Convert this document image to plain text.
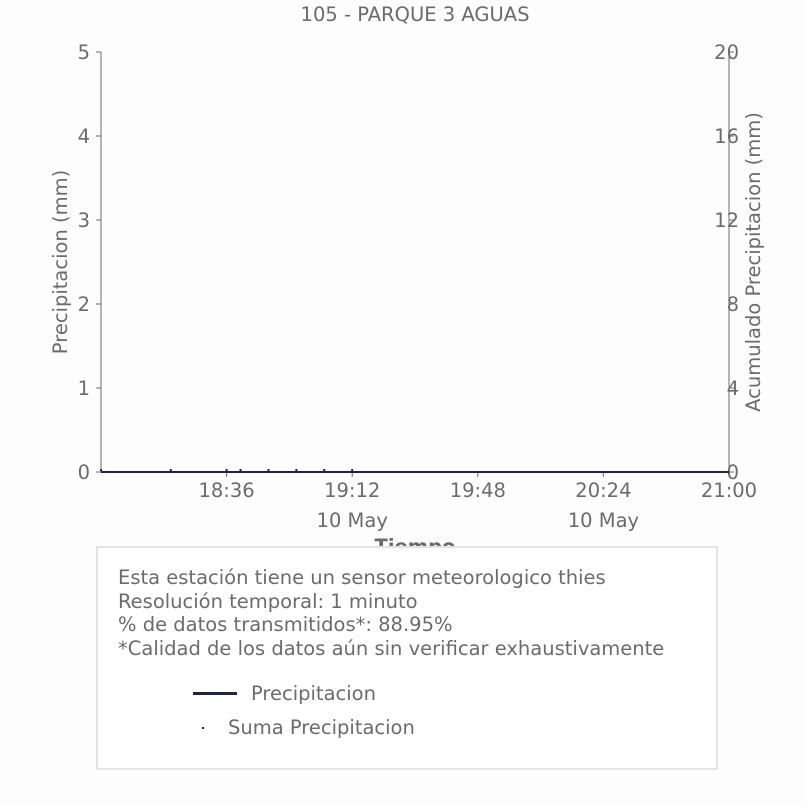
105 - PARQUE 3 AGUAS
0
1
2
3
4
5
0
4
8
12
16
20
18:36	19:12
10 May
19:48	20:24
10 May
21:00
Precipitacion (mm)	Acumulado Precipitacion (mm)
Esta estación tiene un sensor meteorologico thies
Resolución temporal: 1 minuto
% de datos transmitidos*: 88.95%
*Calidad de los datos aún sin verificar exhaustivamente
Precipitacion
Suma Precipitacion
